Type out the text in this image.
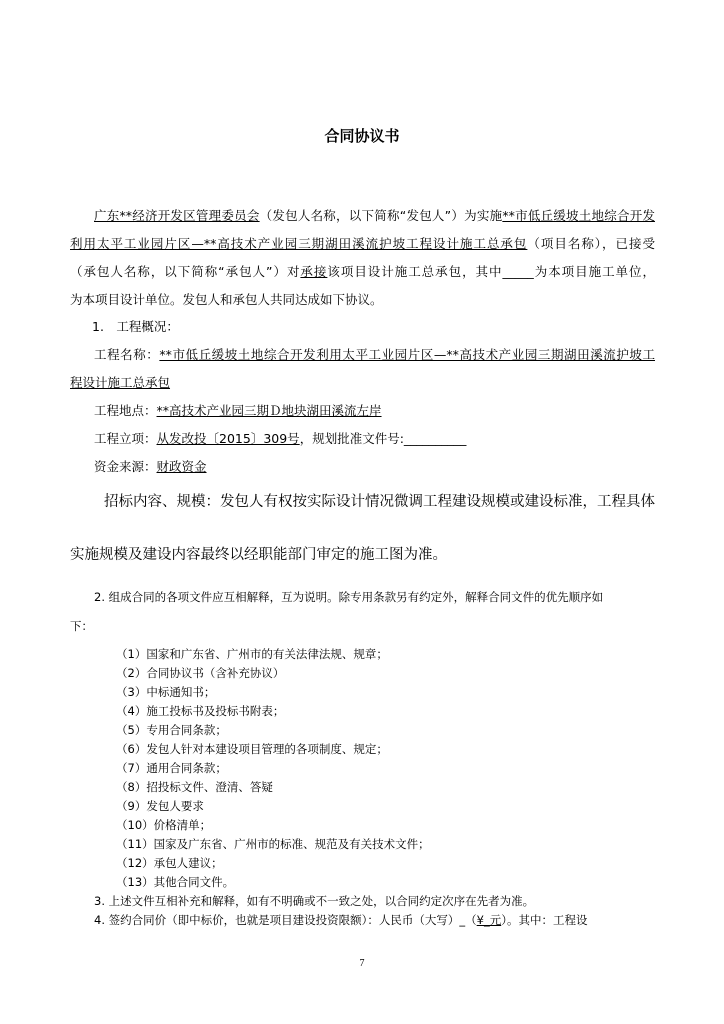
合同协议书
广东**经济开发区管理委员会（发包人名称，以下简称“发包人”）为实施**市低丘缓坡土地综合开发
利用太平工业园片区—**高技术产业园三期湖田溪流护坡工程设计施工总承包（项目名称），已接受
（承包人名称，以下简称“承包人”）对承接该项目设计施工总承包，其中_____为本项目施工单位，
为本项目设计单位。发包人和承包人共同达成如下协议。
1.　工程概况：
工程名称：**市低丘缓坡土地综合开发利用太平工业园片区—**高技术产业园三期湖田溪流护坡工
程设计施工总承包
工程地点：**高技术产业园三期Ｄ地块湖田溪流左岸
工程立项：从发改投〔2015〕309号，规划批准文件号:__________
资金来源：财政资金
招标内容、规模：发包人有权按实际设计情况微调工程建设规模或建设标准，工程具体
实施规模及建设内容最终以经职能部门审定的施工图为准。
2. 组成合同的各项文件应互相解释，互为说明。除专用条款另有约定外，解释合同文件的优先顺序如
下：
（1）国家和广东省、广州市的有关法律法规、规章；
（2）合同协议书（含补充协议）
（3）中标通知书；
（4）施工投标书及投标书附表；
（5）专用合同条款；
（6）发包人针对本建设项目管理的各项制度、规定；
（7）通用合同条款；
（8）招投标文件、澄清、答疑
（9）发包人要求
（10）价格清单；
（11）国家及广东省、广州市的标准、规范及有关技术文件；
（12）承包人建议；
（13）其他合同文件。
3. 上述文件互相补充和解释，如有不明确或不一致之处，以合同约定次序在先者为准。
4. 签约合同价（即中标价，也就是项目建设投资限额）：人民币（大写）_（¥_元）。其中：工程设
7
